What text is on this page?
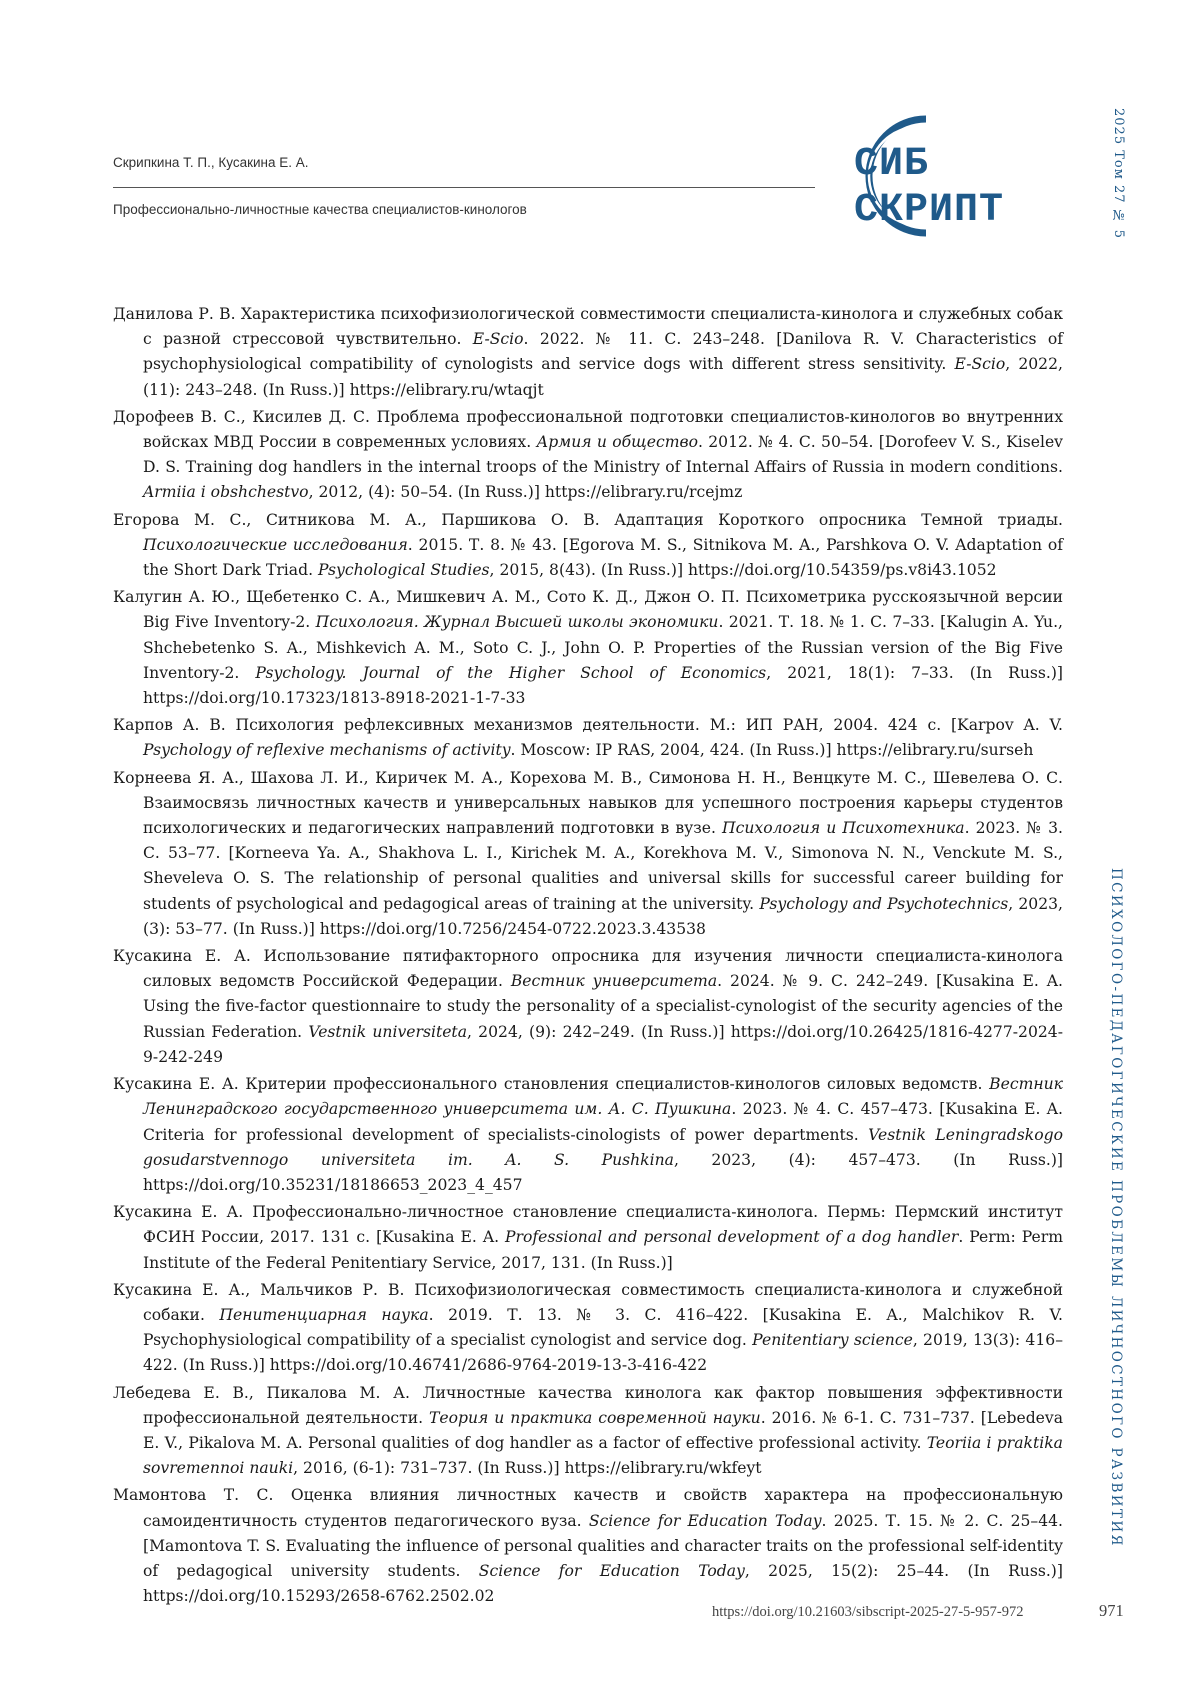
Скрипкина Т. П., Кусакина Е. А.
Профессионально-личностные качества специалистов-кинологов
СИБ
СКРИПТ	2025 Том 27 № 5
ПСИХОЛОГО-ПЕДАГОГИЧЕСКИЕ ПРОБЛЕМЫ ЛИЧНОСТНОГО РАЗВИТИЯ

Данилова Р. В. Характеристика психофизиологической совместимости специалиста-кинолога и служебных собак с разной стрессовой чувствительно. E-Scio. 2022. № 11. С. 243–248. [Danilova R. V. Characteristics of psychophysiological compatibility of cynologists and service dogs with different stress sensitivity. E-Scio, 2022, (11): 243–248. (In Russ.)] https://elibrary.ru/wtaqjt

Дорофеев В. С., Кисилев Д. С. Проблема профессиональной подготовки специалистов-кинологов во внутренних войсках МВД России в современных условиях. Армия и общество. 2012. № 4. С. 50–54. [Dorofeev V. S., Kiselev D. S. Training dog handlers in the internal troops of the Ministry of Internal Affairs of Russia in modern conditions. Armiia i obshchestvo, 2012, (4): 50–54. (In Russ.)] https://elibrary.ru/rcejmz

Егорова М. С., Ситникова М. А., Паршикова О. В. Адаптация Короткого опросника Темной триады. Психологические исследования. 2015. Т. 8. № 43. [Egorova M. S., Sitnikova M. A., Parshkova O. V. Adaptation of the Short Dark Triad. Psychological Studies, 2015, 8(43). (In Russ.)] https://doi.org/10.54359/ps.v8i43.1052

Калугин А. Ю., Щебетенко С. А., Мишкевич А. М., Сото К. Д., Джон О. П. Психометрика русскоязычной версии Big Five Inventory-2. Психология. Журнал Высшей школы экономики. 2021. Т. 18. № 1. С. 7–33. [Kalugin A. Yu., Shchebetenko S. A., Mishkevich A. M., Soto C. J., John O. P. Properties of the Russian version of the Big Five Inventory-2. Psychology. Journal of the Higher School of Economics, 2021, 18(1): 7–33. (In Russ.)] https://doi.org/10.17323/1813-8918-2021-1-7-33

Карпов А. В. Психология рефлексивных механизмов деятельности. М.: ИП РАН, 2004. 424 с. [Karpov A. V. Psychology of reflexive mechanisms of activity. Moscow: IP RAS, 2004, 424. (In Russ.)] https://elibrary.ru/surseh

Корнеева Я. А., Шахова Л. И., Киричек М. А., Корехова М. В., Симонова Н. Н., Венцкуте М. С., Шевелева О. С. Взаимосвязь личностных качеств и универсальных навыков для успешного построения карьеры студентов психологических и педагогических направлений подготовки в вузе. Психология и Психотехника. 2023. № 3. С. 53–77. [Korneeva Ya. A., Shakhova L. I., Kirichek M. A., Korekhova M. V., Simonova N. N., Venckute M. S., Sheveleva O. S. The relationship of personal qualities and universal skills for successful career building for students of psychological and pedagogical areas of training at the university. Psychology and Psychotechnics, 2023, (3): 53–77. (In Russ.)] https://doi.org/10.7256/2454-0722.2023.3.43538

Кусакина Е. А. Использование пятифакторного опросника для изучения личности специалиста-кинолога силовых ведомств Российской Федерации. Вестник университета. 2024. № 9. С. 242–249. [Kusakina E. A. Using the five-factor questionnaire to study the personality of a specialist-cynologist of the security agencies of the Russian Federation. Vestnik universiteta, 2024, (9): 242–249. (In Russ.)] https://doi.org/10.26425/1816-4277-2024-9-242-249

Кусакина Е. А. Критерии профессионального становления специалистов-кинологов силовых ведомств. Вестник Ленинградского государственного университета им. А. С. Пушкина. 2023. № 4. С. 457–473. [Kusakina E. A. Criteria for professional development of specialists-cinologists of power departments. Vestnik Leningradskogo gosudarstvennogo universiteta im. A. S. Pushkina, 2023, (4): 457–473. (In Russ.)] https://doi.org/10.35231/18186653_2023_4_457

Кусакина Е. А. Профессионально-личностное становление специалиста-кинолога. Пермь: Пермский институт ФСИН России, 2017. 131 с. [Kusakina E. A. Professional and personal development of a dog handler. Perm: Perm Institute of the Federal Penitentiary Service, 2017, 131. (In Russ.)]

Кусакина Е. А., Мальчиков Р. В. Психофизиологическая совместимость специалиста-кинолога и служебной собаки. Пенитенциарная наука. 2019. Т. 13. № 3. С. 416–422. [Kusakina E. A., Malchikov R. V. Psychophysiological compatibility of a specialist cynologist and service dog. Penitentiary science, 2019, 13(3): 416–422. (In Russ.)] https://doi.org/10.46741/2686-9764-2019-13-3-416-422

Лебедева Е. В., Пикалова М. А. Личностные качества кинолога как фактор повышения эффективности профессиональной деятельности. Теория и практика современной науки. 2016. № 6-1. С. 731–737. [Lebedeva E. V., Pikalova M. A. Personal qualities of dog handler as a factor of effective professional activity. Teoriia i praktika sovremennoi nauki, 2016, (6-1): 731–737. (In Russ.)] https://elibrary.ru/wkfeyt

Мамонтова Т. С. Оценка влияния личностных качеств и свойств характера на профессиональную самоидентичность студентов педагогического вуза. Science for Education Today. 2025. Т. 15. № 2. С. 25–44. [Mamontova T. S. Evaluating the influence of personal qualities and character traits on the professional self-identity of pedagogical university students. Science for Education Today, 2025, 15(2): 25–44. (In Russ.)] https://doi.org/10.15293/2658-6762.2502.02

https://doi.org/10.21603/sibscript-2025-27-5-957-972	971
